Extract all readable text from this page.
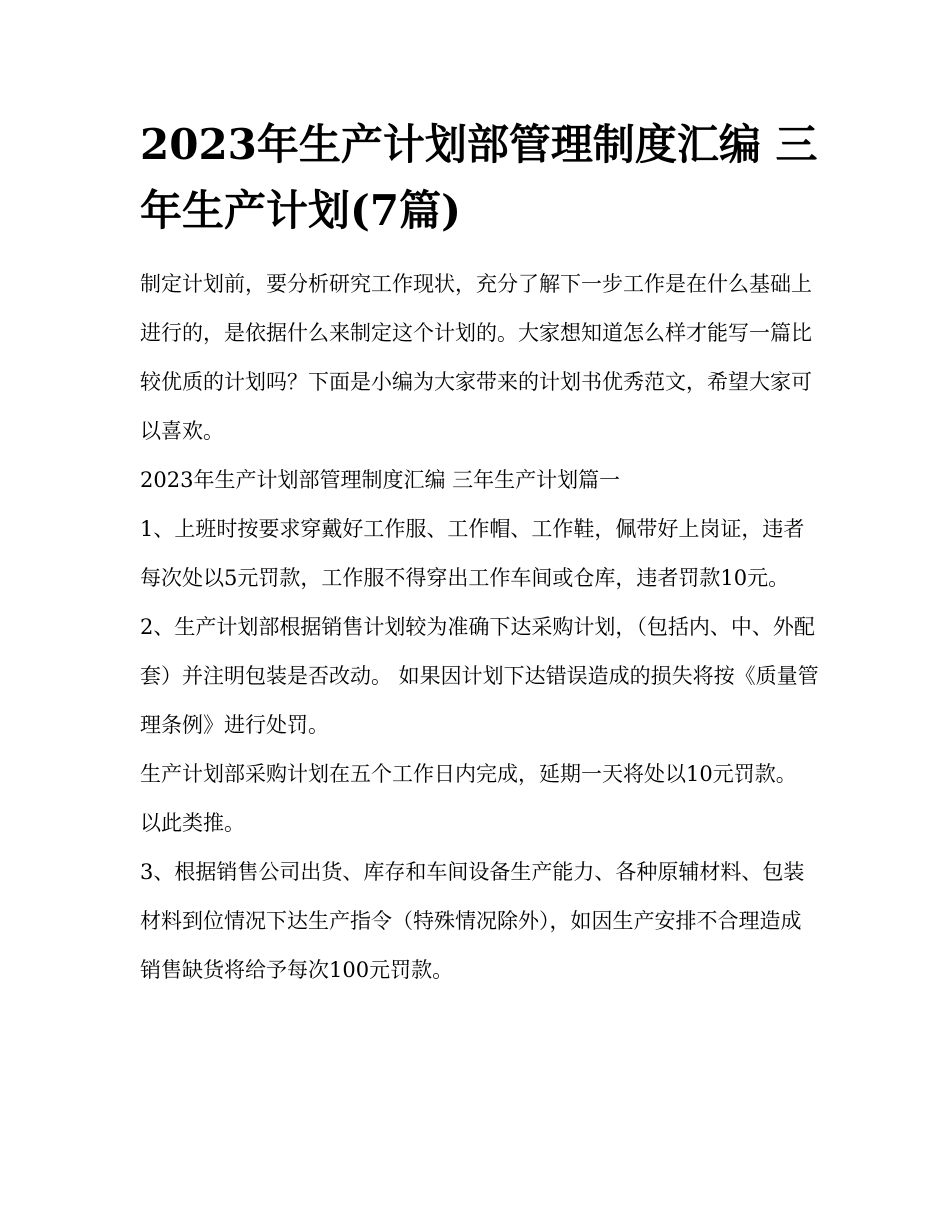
2023年生产计划部管理制度汇编 三年生产计划(7篇)

制定计划前，要分析研究工作现状，充分了解下一步工作是在什么基础上进行的，是依据什么来制定这个计划的。大家想知道怎么样才能写一篇比较优质的计划吗？下面是小编为大家带来的计划书优秀范文，希望大家可以喜欢。

2023年生产计划部管理制度汇编 三年生产计划篇一

1、上班时按要求穿戴好工作服、工作帽、工作鞋，佩带好上岗证，违者每次处以5元罚款，工作服不得穿出工作车间或仓库，违者罚款10元。

2、生产计划部根据销售计划较为准确下达采购计划，（包括内、中、外配套）并注明包装是否改动。 如果因计划下达错误造成的损失将按《质量管理条例》进行处罚。

生产计划部采购计划在五个工作日内完成，延期一天将处以10元罚款。 以此类推。

3、根据销售公司出货、库存和车间设备生产能力、各种原辅材料、包装材料到位情况下达生产指令（特殊情况除外），如因生产安排不合理造成销售缺货将给予每次100元罚款。
